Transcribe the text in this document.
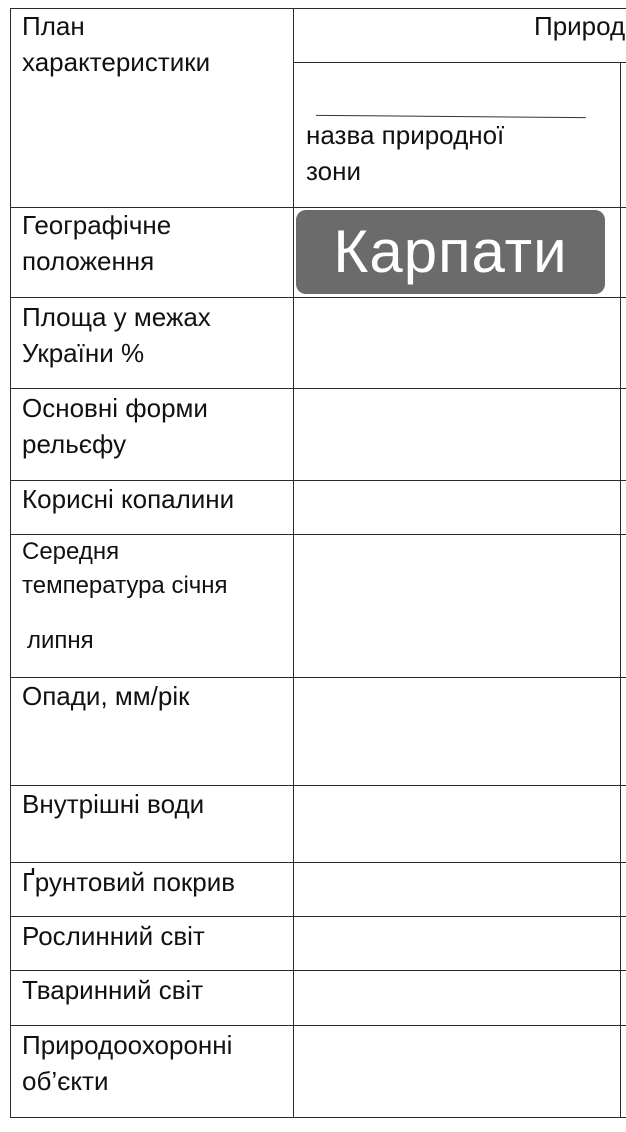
План
характеристики
Природ
назва природної
зони
Карпати
Географічне
положення
Площа у межах
України %
Основні форми
рельєфу
Корисні копалини
Середня
температура січня
липня
Опади, мм/рік
Внутрішні води
Ґрунтовий покрив
Рослинний світ
Тваринний світ
Природоохоронні
об’єкти
